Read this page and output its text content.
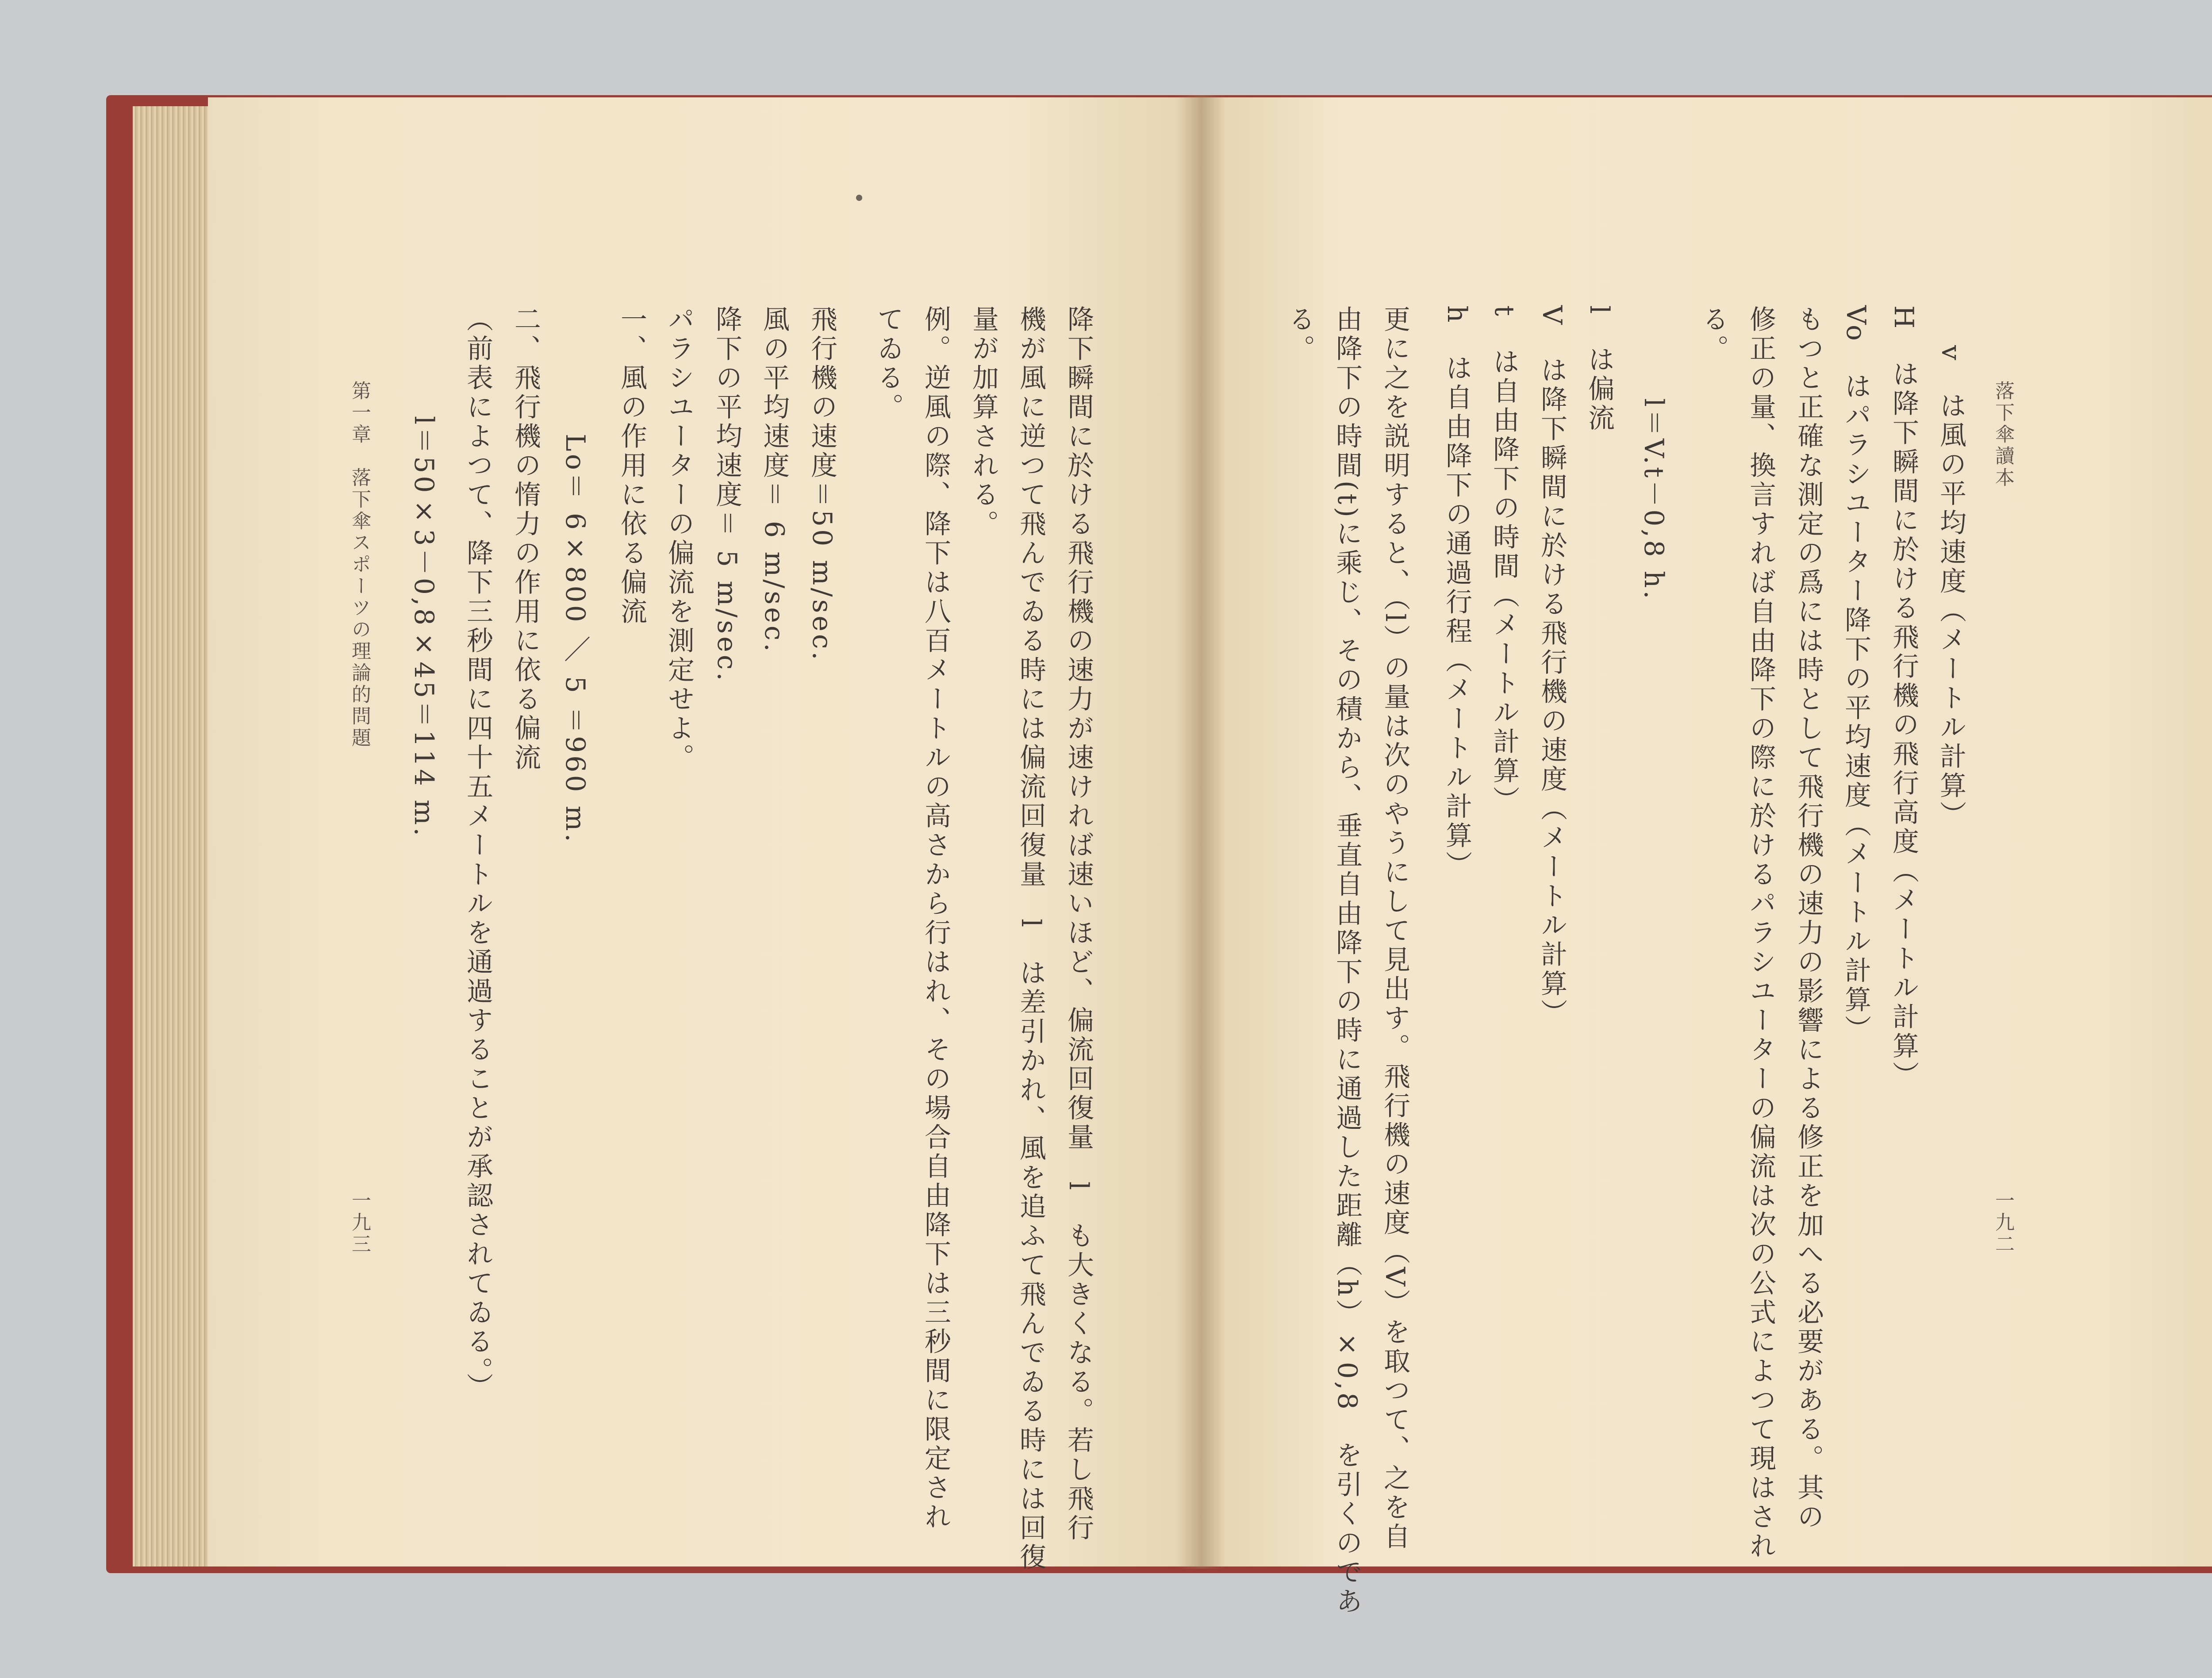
落下傘讀本
一九二
v　は風の平均速度（メートル計算）
H　は降下瞬間に於ける飛行機の飛行高度（メートル計算）
Vo　はパラシユーター降下の平均速度（メートル計算）
もつと正確な測定の爲には時として飛行機の速力の影響による修正を加へる必要がある。其の
修正の量、換言すれば自由降下の際に於けるパラシユーターの偏流は次の公式によつて現はされ
る。
l＝V.t－0,8 h.
l　は偏流
V　は降下瞬間に於ける飛行機の速度（メートル計算）
t　は自由降下の時間（メートル計算）
h　は自由降下の通過行程（メートル計算）
更に之を説明すると、（l）の量は次のやうにして見出す。飛行機の速度（V）を取つて、之を自
由降下の時間(t)に乘じ、その積から、垂直自由降下の時に通過した距離（h）×0,8　を引くのであ
る。
降下瞬間に於ける飛行機の速力が速ければ速いほど、偏流回復量　l　も大きくなる。若し飛行
機が風に逆つて飛んでゐる時には偏流回復量　l　は差引かれ、風を追ふて飛んでゐる時には回復
量が加算される。
例。逆風の際、降下は八百メートルの高さから行はれ、その場合自由降下は三秒間に限定され
てゐる。
飛行機の速度＝50 m/sec.
風の平均速度＝ 6 m/sec.
降下の平均速度＝ 5 m/sec.
パラシユーターの偏流を測定せよ。
一、風の作用に依る偏流
Lo＝ 6×800 ／ 5 ＝960 m.
二、飛行機の惰力の作用に依る偏流
（前表によつて、降下三秒間に四十五メートルを通過することが承認されてゐる。）
l＝50×3－0,8×45＝114 m.
第一章　落下傘スポーツの理論的問題
一九三
